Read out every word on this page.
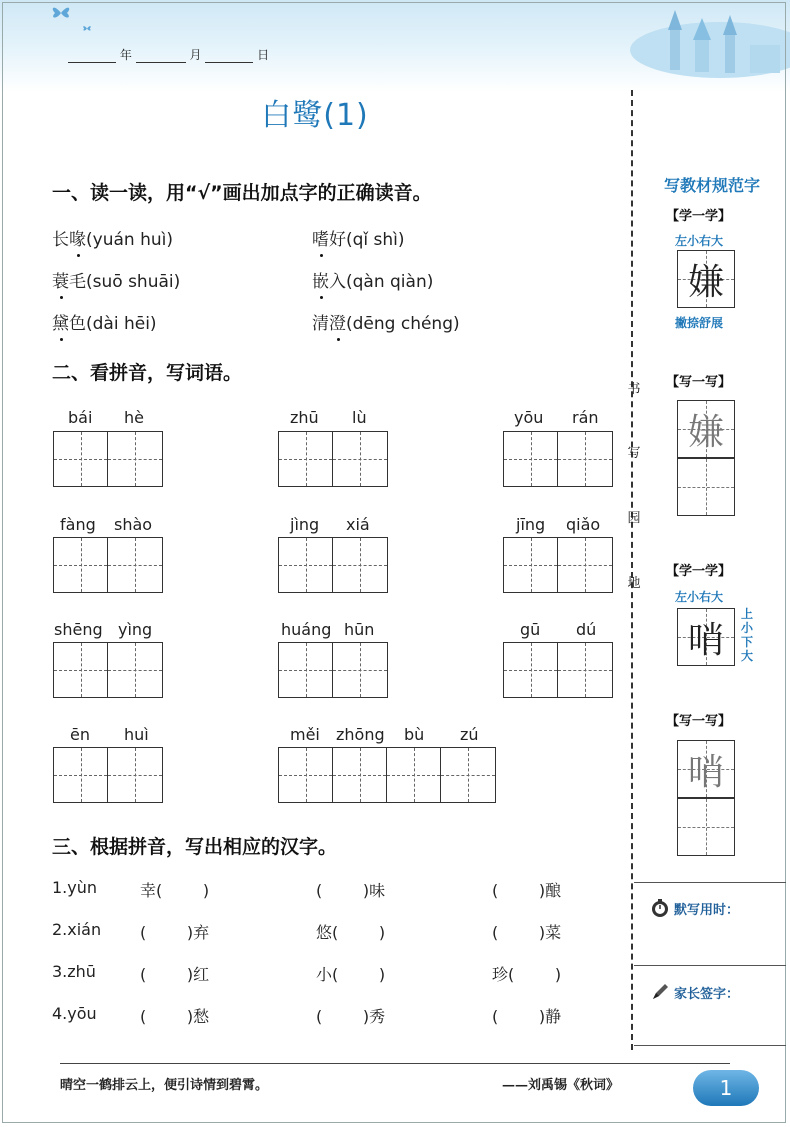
年	月	日
白鹭(1)
一、读一读，用“√”画出加点字的正确读音。
长喙(yuán huì)	嗜好(qǐ shì)
蓑毛(suō shuāi)	嵌入(qàn qiàn)
黛色(dài hēi)	清澄(dēng chéng)
二、看拼音，写词语。
bái hè	zhū lù	yōu rán
fàng shào	jìng xiá	jīng qiǎo
shēng yìng	huáng hūn	gū dú
ēn huì	měi zhōng bù zú
三、根据拼音，写出相应的汉字。
1.yùn	幸(        )	(        )味	(        )酿
2.xián (        )弃	悠(        )	(        )菜
3.zhū	(        )红	小(        )	珍(        )
4.yōu	(        )愁	(        )秀	(        )静
写教材规范字
书
写
园
地
【学一学】
左小右大
嫌
撇捺舒展
【写一写】
嫌
【学一学】
左小右大
哨
上
小
下
大
【写一写】
哨
默写用时：
家长签字：
晴空一鹤排云上，便引诗情到碧霄。	——刘禹锡《秋词》	1
